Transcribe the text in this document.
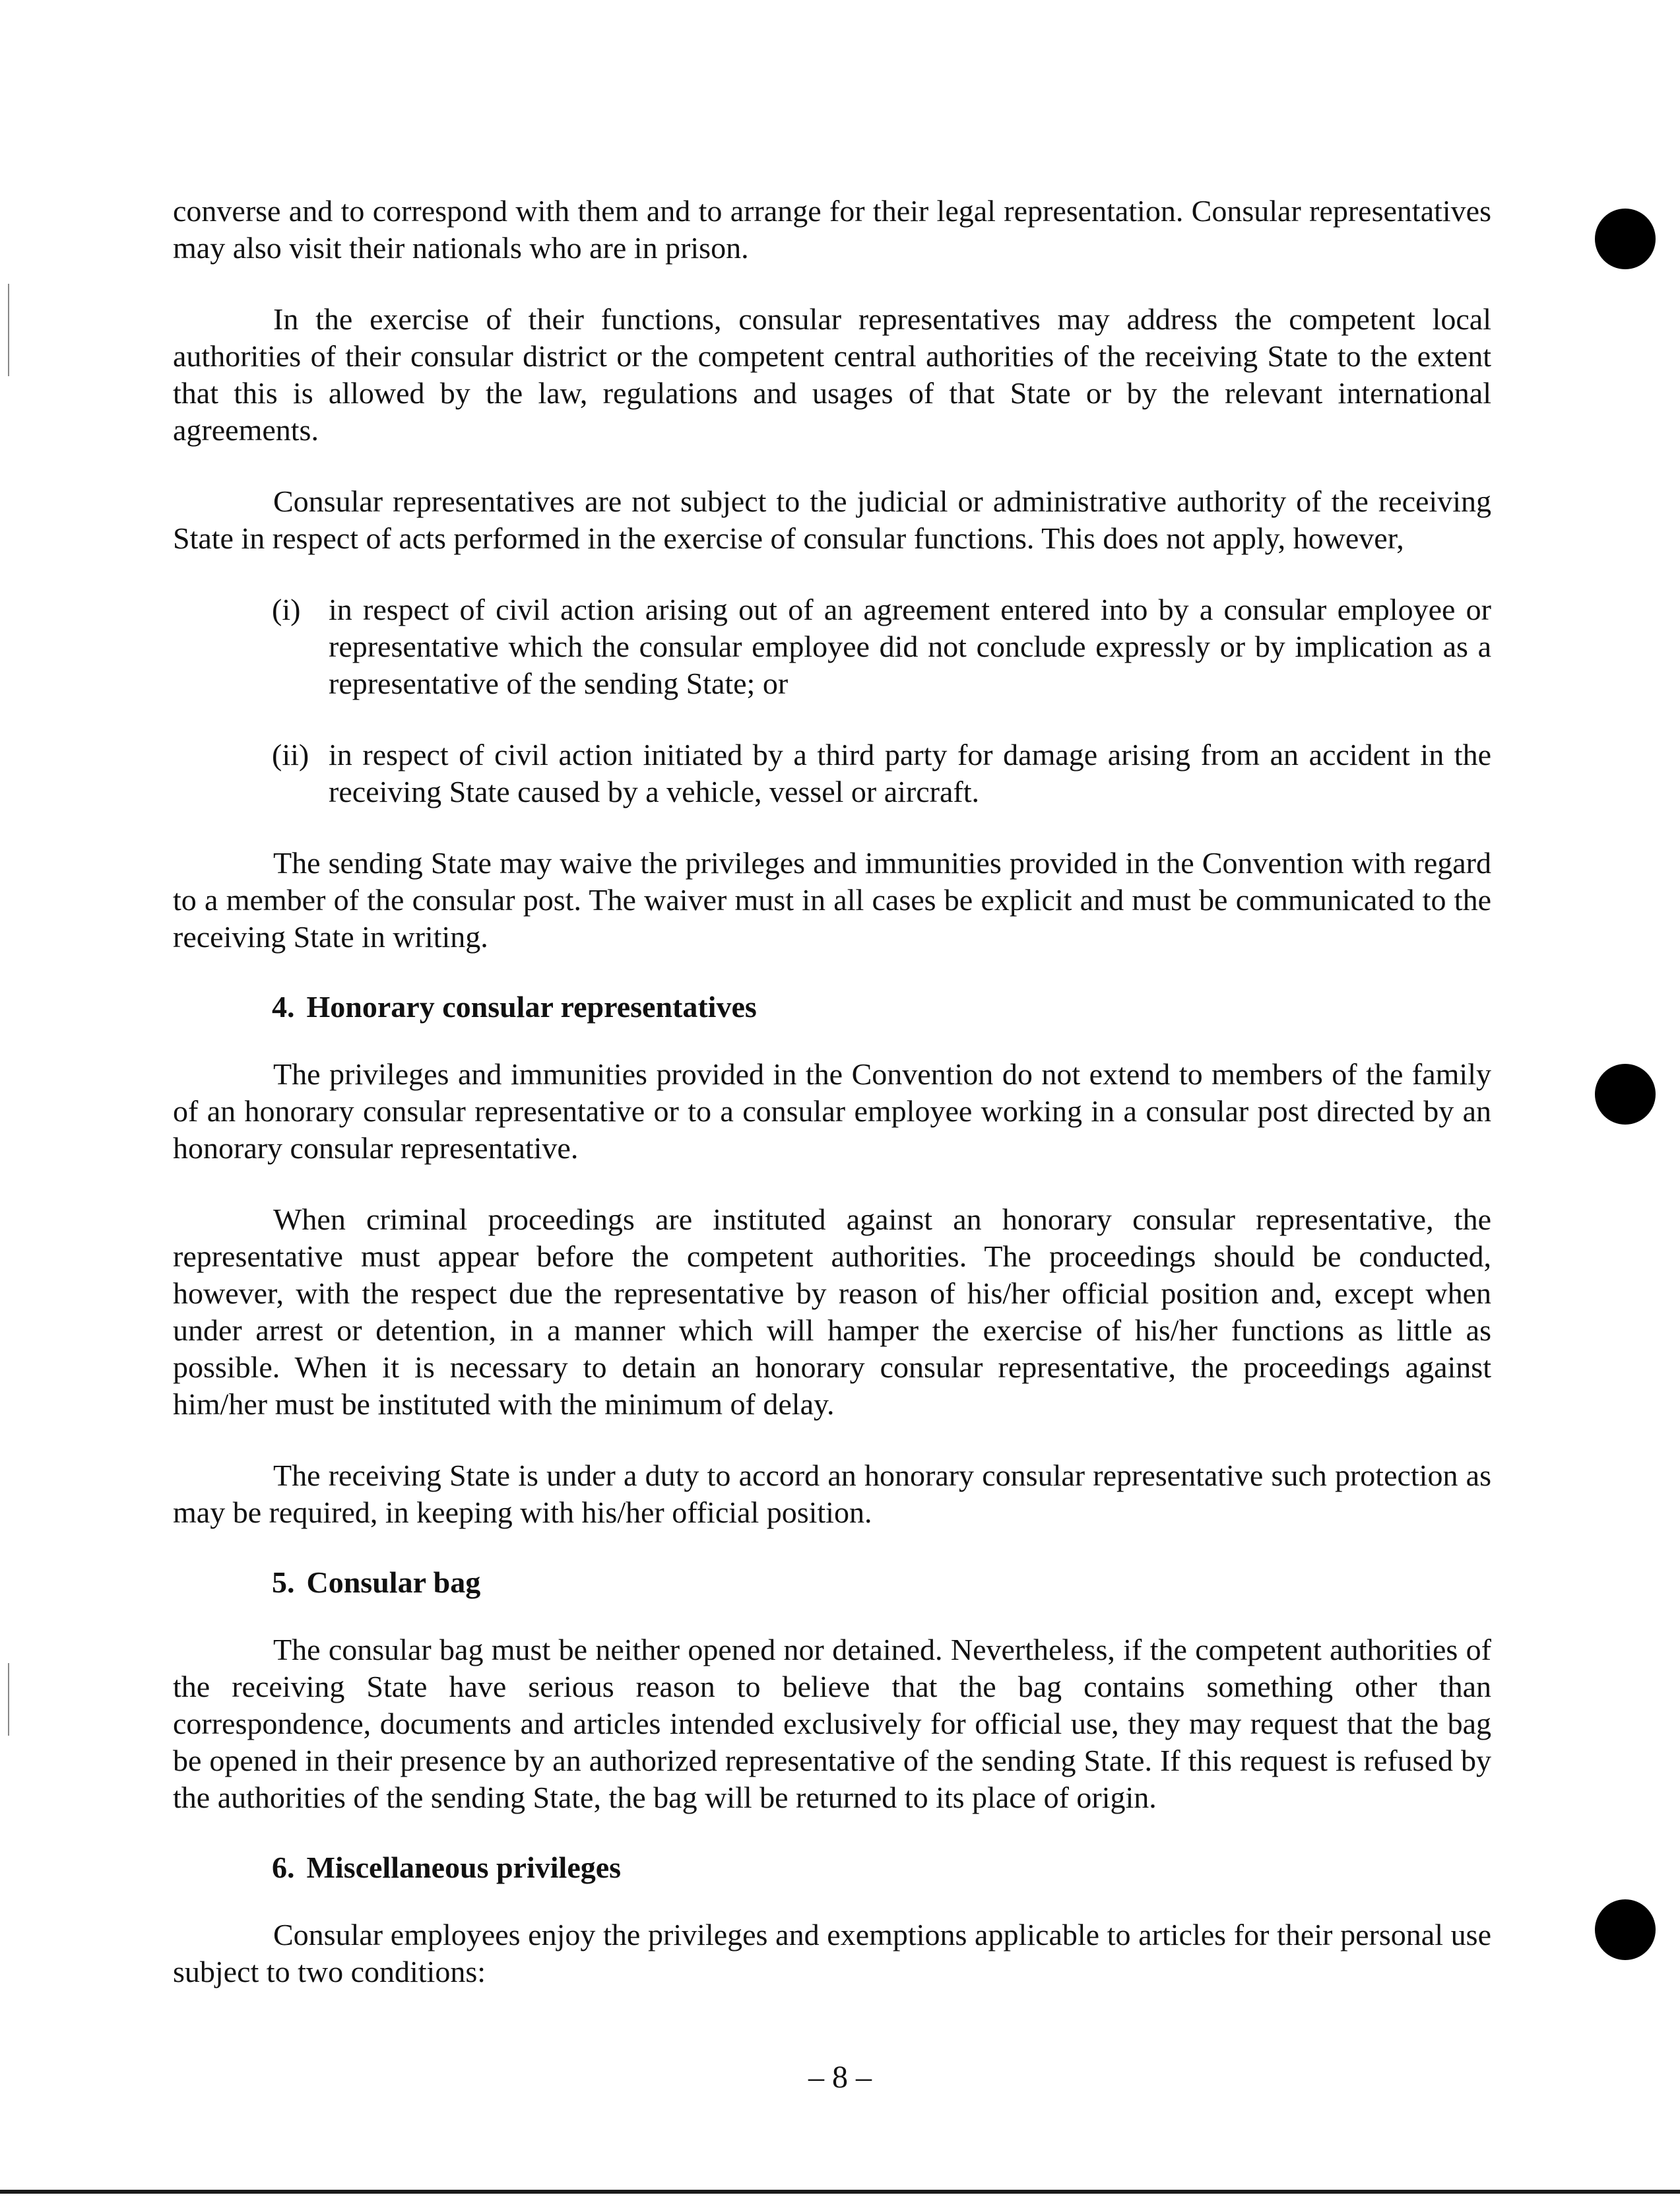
converse and to correspond with them and to arrange for their legal representation. Consular representatives may also visit their nationals who are in prison.

In the exercise of their functions, consular representatives may address the competent local authorities of their consular district or the competent central authorities of the receiving State to the extent that this is allowed by the law, regulations and usages of that State or by the relevant international agreements.

Consular representatives are not subject to the judicial or administrative authority of the receiving State in respect of acts performed in the exercise of consular functions. This does not apply, however,

(i) in respect of civil action arising out of an agreement entered into by a consular employee or representative which the consular employee did not conclude expressly or by implication as a representative of the sending State; or
(ii) in respect of civil action initiated by a third party for damage arising from an accident in the receiving State caused by a vehicle, vessel or aircraft.

The sending State may waive the privileges and immunities provided in the Convention with regard to a member of the consular post. The waiver must in all cases be explicit and must be communicated to the receiving State in writing.

4. Honorary consular representatives

The privileges and immunities provided in the Convention do not extend to members of the family of an honorary consular representative or to a consular employee working in a consular post directed by an honorary consular representative.

When criminal proceedings are instituted against an honorary consular representative, the representative must appear before the competent authorities. The proceedings should be conducted, however, with the respect due the representative by reason of his/her official position and, except when under arrest or detention, in a manner which will hamper the exercise of his/her functions as little as possible. When it is necessary to detain an honorary consular representative, the proceedings against him/her must be instituted with the minimum of delay.

The receiving State is under a duty to accord an honorary consular representative such protection as may be required, in keeping with his/her official position.

5. Consular bag

The consular bag must be neither opened nor detained. Nevertheless, if the competent authorities of the receiving State have serious reason to believe that the bag contains something other than correspondence, documents and articles intended exclusively for official use, they may request that the bag be opened in their presence by an authorized representative of the sending State. If this request is refused by the authorities of the sending State, the bag will be returned to its place of origin.

6. Miscellaneous privileges

Consular employees enjoy the privileges and exemptions applicable to articles for their personal use subject to two conditions:

– 8 –
